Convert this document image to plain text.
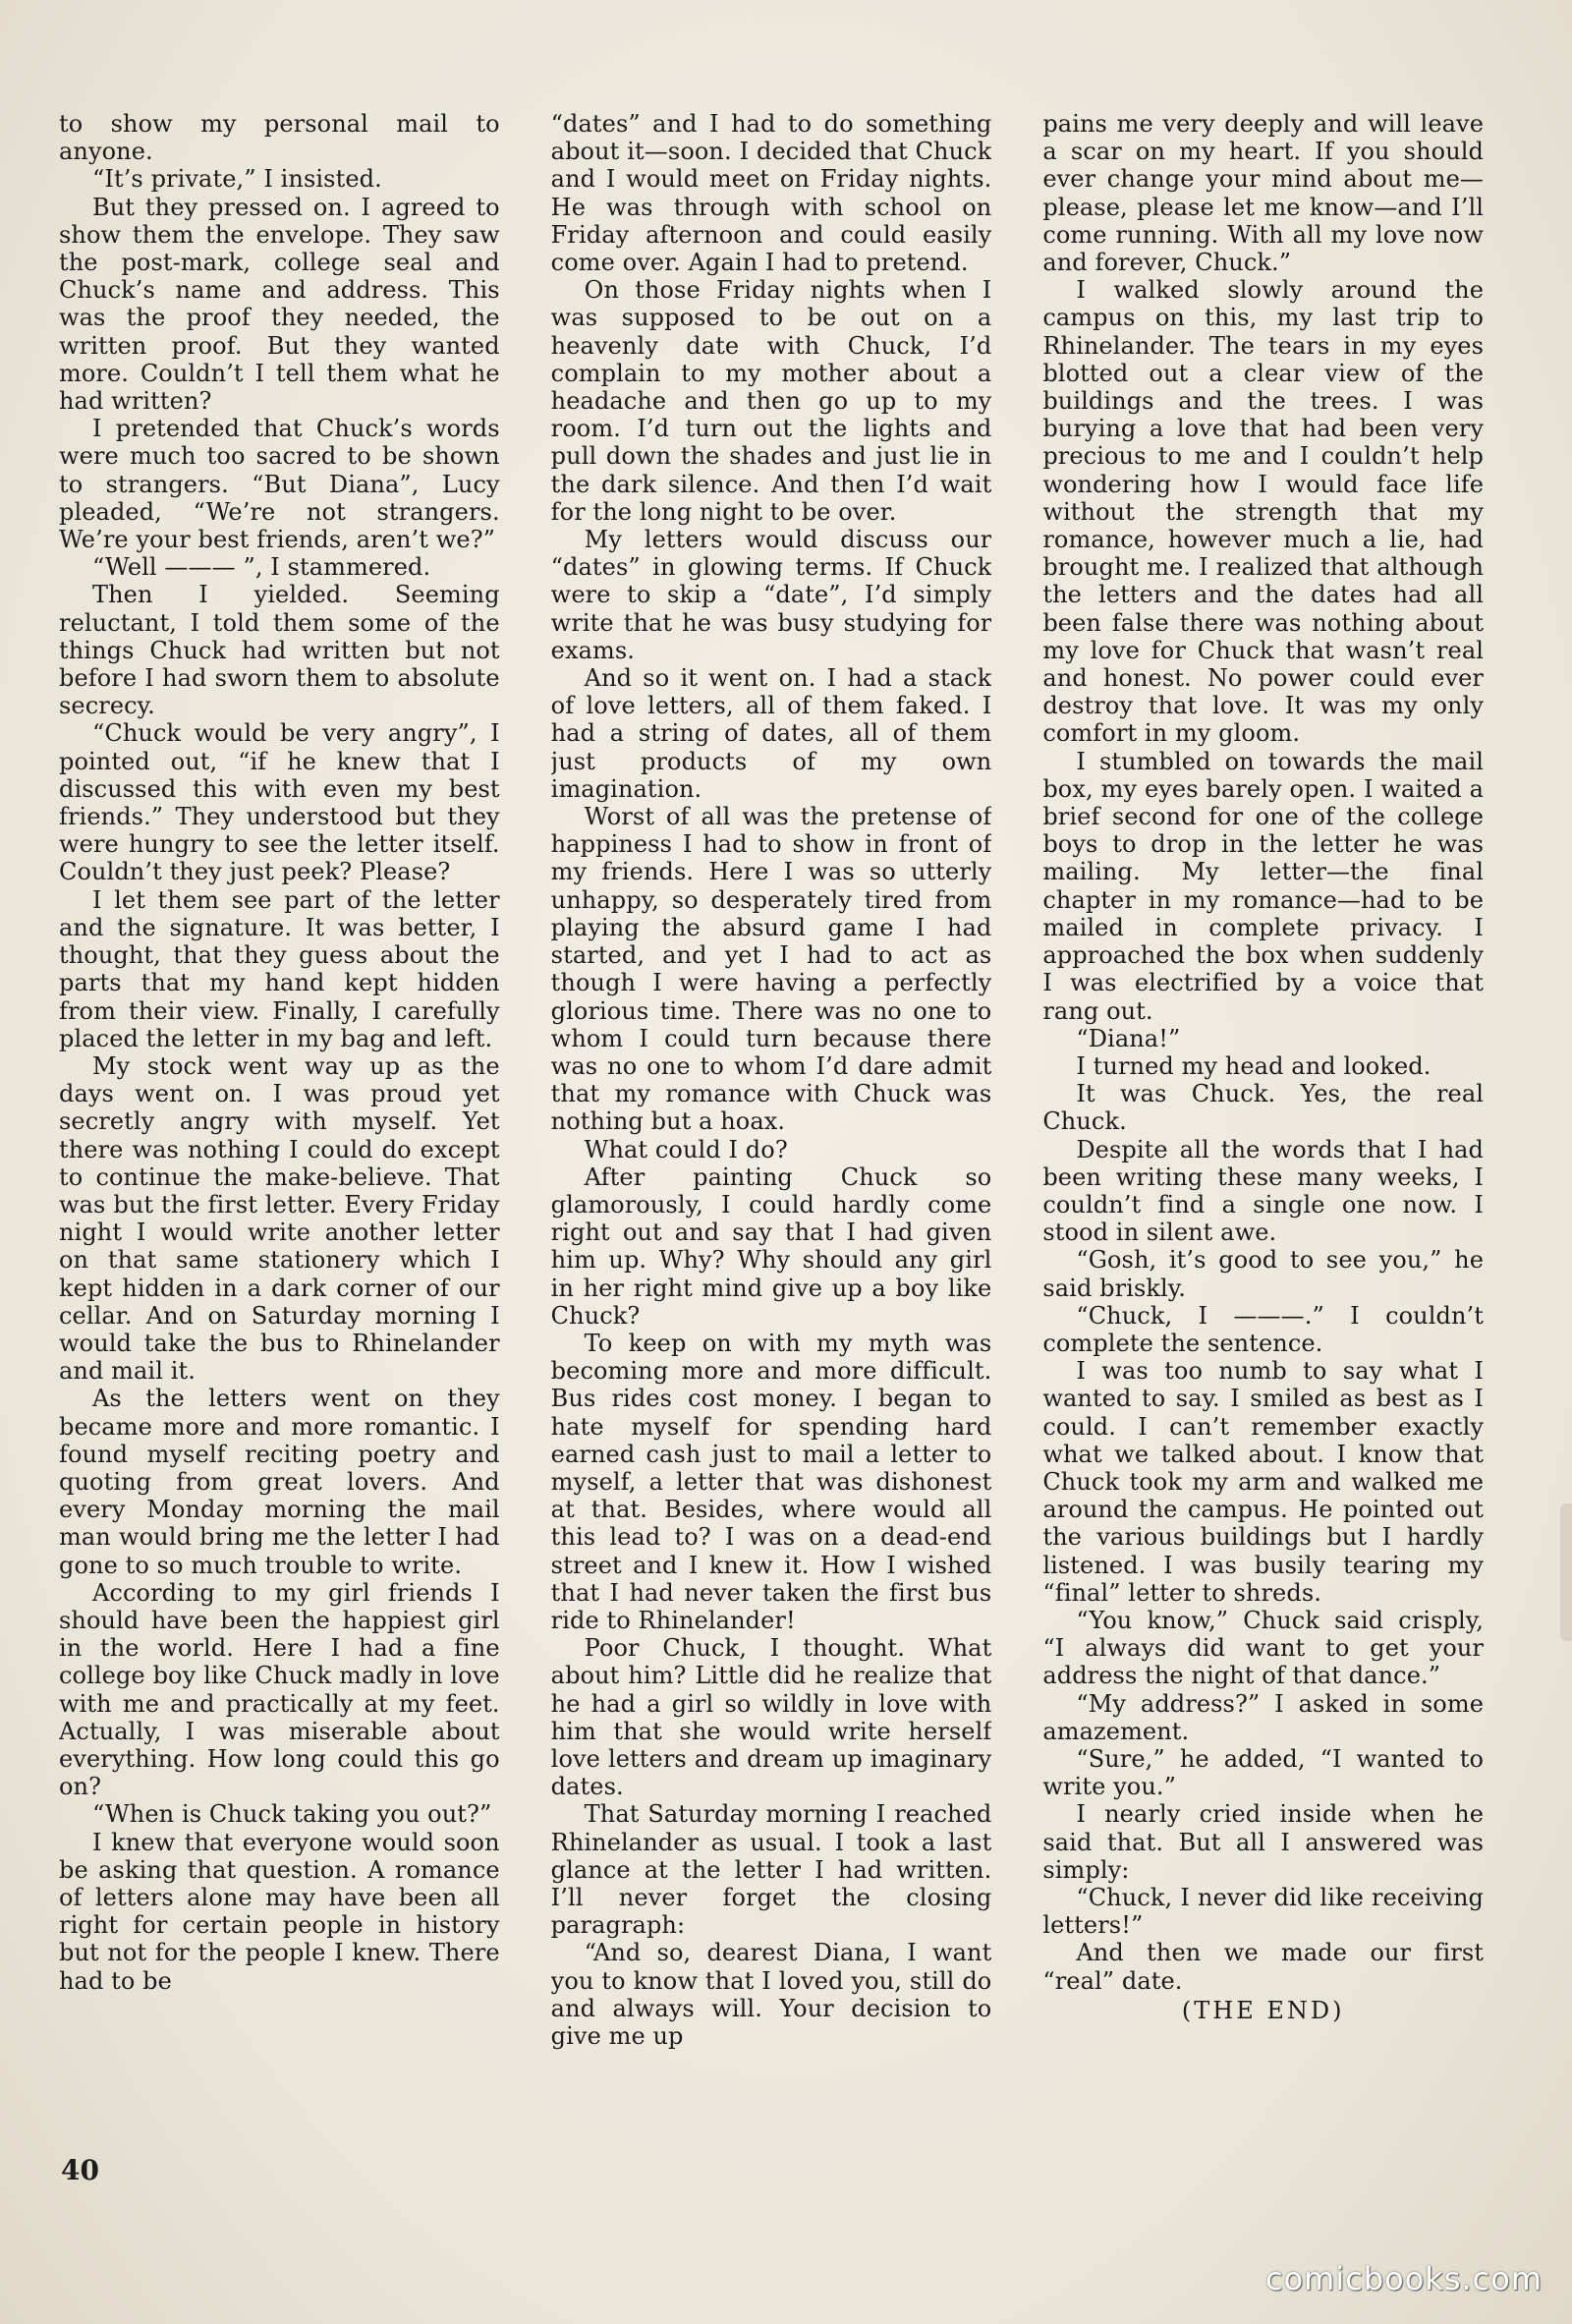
to show my personal mail to anyone.

“It’s private,” I insisted.

But they pressed on. I agreed to show them the envelope. They saw the post-mark, college seal and Chuck’s name and address. This was the proof they needed, the written proof. But they wanted more. Couldn’t I tell them what he had written?

I pretended that Chuck’s words were much too sacred to be shown to strangers. “But Diana”, Lucy pleaded, “We’re not strangers. We’re your best friends, aren’t we?”

“Well ——— ”, I stammered.

Then I yielded. Seeming reluctant, I told them some of the things Chuck had written but not before I had sworn them to absolute secrecy.

“Chuck would be very angry”, I pointed out, “if he knew that I discussed this with even my best friends.” They understood but they were hungry to see the letter itself. Couldn’t they just peek? Please?

I let them see part of the letter and the signature. It was better, I thought, that they guess about the parts that my hand kept hidden from their view. Finally, I carefully placed the letter in my bag and left.

My stock went way up as the days went on. I was proud yet secretly angry with myself. Yet there was nothing I could do except to continue the make-believe. That was but the first letter. Every Friday night I would write another letter on that same stationery which I kept hidden in a dark corner of our cellar. And on Saturday morning I would take the bus to Rhinelander and mail it.

As the letters went on they became more and more romantic. I found myself reciting poetry and quoting from great lovers. And every Monday morning the mail man would bring me the letter I had gone to so much trouble to write.

According to my girl friends I should have been the happiest girl in the world. Here I had a fine college boy like Chuck madly in love with me and practically at my feet. Actually, I was miserable about everything. How long could this go on?

“When is Chuck taking you out?”

I knew that everyone would soon be asking that question. A romance of letters alone may have been all right for certain people in history but not for the people I knew. There had to be

“dates” and I had to do something about it—soon. I decided that Chuck and I would meet on Friday nights. He was through with school on Friday afternoon and could easily come over. Again I had to pretend.

On those Friday nights when I was supposed to be out on a heavenly date with Chuck, I’d complain to my mother about a headache and then go up to my room. I’d turn out the lights and pull down the shades and just lie in the dark silence. And then I’d wait for the long night to be over.

My letters would discuss our “dates” in glowing terms. If Chuck were to skip a “date”, I’d simply write that he was busy studying for exams.

And so it went on. I had a stack of love letters, all of them faked. I had a string of dates, all of them just products of my own imagination.

Worst of all was the pretense of happiness I had to show in front of my friends. Here I was so utterly unhappy, so desperately tired from playing the absurd game I had started, and yet I had to act as though I were having a perfectly glorious time. There was no one to whom I could turn because there was no one to whom I’d dare admit that my romance with Chuck was nothing but a hoax.

What could I do?

After painting Chuck so glamorously, I could hardly come right out and say that I had given him up. Why? Why should any girl in her right mind give up a boy like Chuck?

To keep on with my myth was becoming more and more difficult. Bus rides cost money. I began to hate myself for spending hard earned cash just to mail a letter to myself, a letter that was dishonest at that. Besides, where would all this lead to? I was on a dead-end street and I knew it. How I wished that I had never taken the first bus ride to Rhinelander!

Poor Chuck, I thought. What about him? Little did he realize that he had a girl so wildly in love with him that she would write herself love letters and dream up imaginary dates.

That Saturday morning I reached Rhinelander as usual. I took a last glance at the letter I had written. I’ll never forget the closing paragraph:

“And so, dearest Diana, I want you to know that I loved you, still do and always will. Your decision to give me up

pains me very deeply and will leave a scar on my heart. If you should ever change your mind about me—please, please let me know—and I’ll come running. With all my love now and forever, Chuck.”

I walked slowly around the campus on this, my last trip to Rhinelander. The tears in my eyes blotted out a clear view of the buildings and the trees. I was burying a love that had been very precious to me and I couldn’t help wondering how I would face life without the strength that my romance, however much a lie, had brought me. I realized that although the letters and the dates had all been false there was nothing about my love for Chuck that wasn’t real and honest. No power could ever destroy that love. It was my only comfort in my gloom.

I stumbled on towards the mail box, my eyes barely open. I waited a brief second for one of the college boys to drop in the letter he was mailing. My letter—the final chapter in my romance—had to be mailed in complete privacy. I approached the box when suddenly I was electrified by a voice that rang out.

“Diana!”

I turned my head and looked.

It was Chuck. Yes, the real Chuck.

Despite all the words that I had been writing these many weeks, I couldn’t find a single one now. I stood in silent awe.

“Gosh, it’s good to see you,” he said briskly.

“Chuck, I ———.” I couldn’t complete the sentence.

I was too numb to say what I wanted to say. I smiled as best as I could. I can’t remember exactly what we talked about. I know that Chuck took my arm and walked me around the campus. He pointed out the various buildings but I hardly listened. I was busily tearing my “final” letter to shreds.

“You know,” Chuck said crisply, “I always did want to get your address the night of that dance.”

“My address?” I asked in some amazement.

“Sure,” he added, “I wanted to write you.”

I nearly cried inside when he said that. But all I answered was simply:

“Chuck, I never did like receiving letters!”

And then we made our first “real” date.

(THE END)

40
comicbooks.com
